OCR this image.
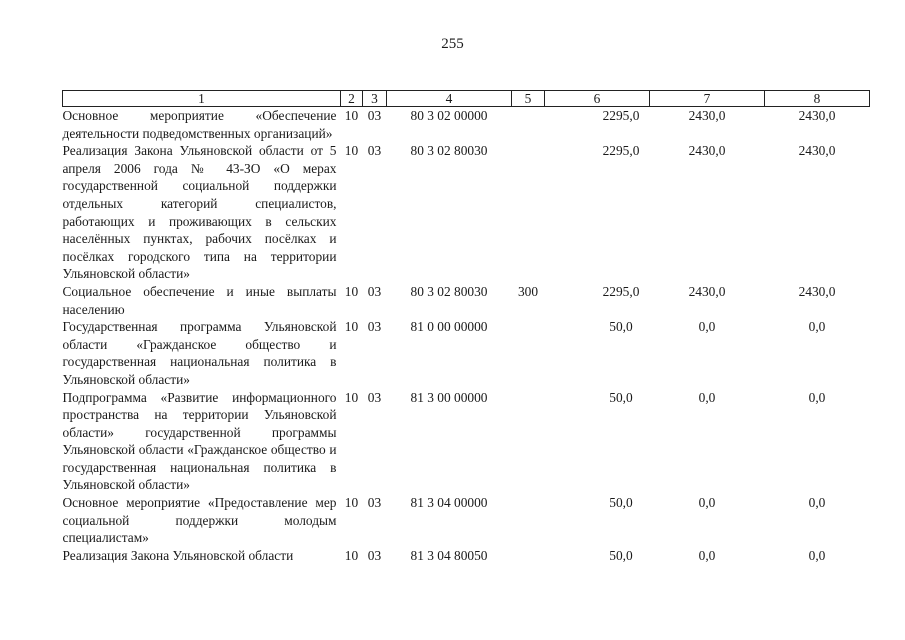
255
1	2	3	4	5	6	7	8
Основное мероприятие «Обеспечение деятельности подведомственных организаций»	10	03	80 3 02 00000		2295,0	2430,0	2430,0
Реализация Закона Ульяновской области от 5 апреля 2006 года № 43-ЗО «О мерах государственной социальной поддержки отдельных категорий специалистов, работающих и проживающих в сельских населённых пунктах, рабочих посёлках и посёлках городского типа на территории Ульяновской области»	10	03	80 3 02 80030		2295,0	2430,0	2430,0
Социальное обеспечение и иные выплаты населению	10	03	80 3 02 80030	300	2295,0	2430,0	2430,0
Государственная программа Ульяновской области «Гражданское общество и государственная национальная политика в Ульяновской области»	10	03	81 0 00 00000		50,0	0,0	0,0
Подпрограмма «Развитие информационного пространства на территории Ульяновской области» государственной программы Ульяновской области «Гражданское общество и государственная национальная политика в Ульяновской области»	10	03	81 3 00 00000		50,0	0,0	0,0
Основное мероприятие «Предоставление мер социальной поддержки молодым специалистам»	10	03	81 3 04 00000		50,0	0,0	0,0
Реализация Закона Ульяновской области	10	03	81 3 04 80050		50,0	0,0	0,0
